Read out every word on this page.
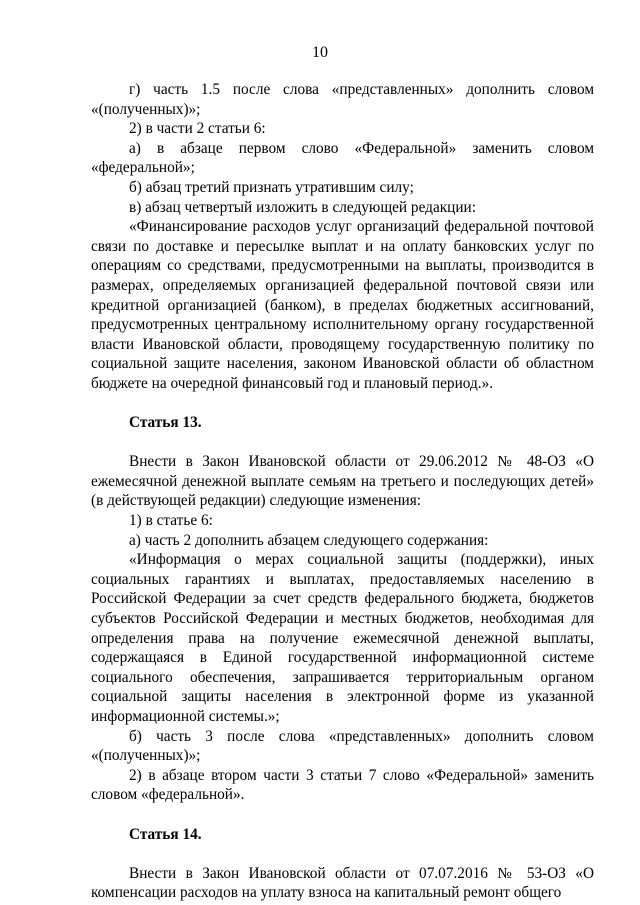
10
г) часть 1.5 после слова «представленных» дополнить словом «(полученных)»;
2) в части 2 статьи 6:
а) в абзаце первом слово «Федеральной» заменить словом «федеральной»;
б) абзац третий признать утратившим силу;
в) абзац четвертый изложить в следующей редакции:
«Финансирование расходов услуг организаций федеральной почтовой связи по доставке и пересылке выплат и на оплату банковских услуг по операциям со средствами, предусмотренными на выплаты, производится в размерах, определяемых организацией федеральной почтовой связи или кредитной организацией (банком), в пределах бюджетных ассигнований, предусмотренных центральному исполнительному органу государственной власти Ивановской области, проводящему государственную политику по социальной защите населения, законом Ивановской области об областном бюджете на очередной финансовый год и плановый период.».
Статья 13.
Внести в Закон Ивановской области от 29.06.2012 № 48-ОЗ «О ежемесячной денежной выплате семьям на третьего и последующих детей» (в действующей редакции) следующие изменения:
1) в статье 6:
а) часть 2 дополнить абзацем следующего содержания:
«Информация о мерах социальной защиты (поддержки), иных социальных гарантиях и выплатах, предоставляемых населению в Российской Федерации за счет средств федерального бюджета, бюджетов субъектов Российской Федерации и местных бюджетов, необходимая для определения права на получение ежемесячной денежной выплаты, содержащаяся в Единой государственной информационной системе социального обеспечения, запрашивается территориальным органом социальной защиты населения в электронной форме из указанной информационной системы.»;
б) часть 3 после слова «представленных» дополнить словом «(полученных)»;
2) в абзаце втором части 3 статьи 7 слово «Федеральной» заменить словом «федеральной».
Статья 14.
Внести в Закон Ивановской области от 07.07.2016 № 53-ОЗ «О компенсации расходов на уплату взноса на капитальный ремонт общего
